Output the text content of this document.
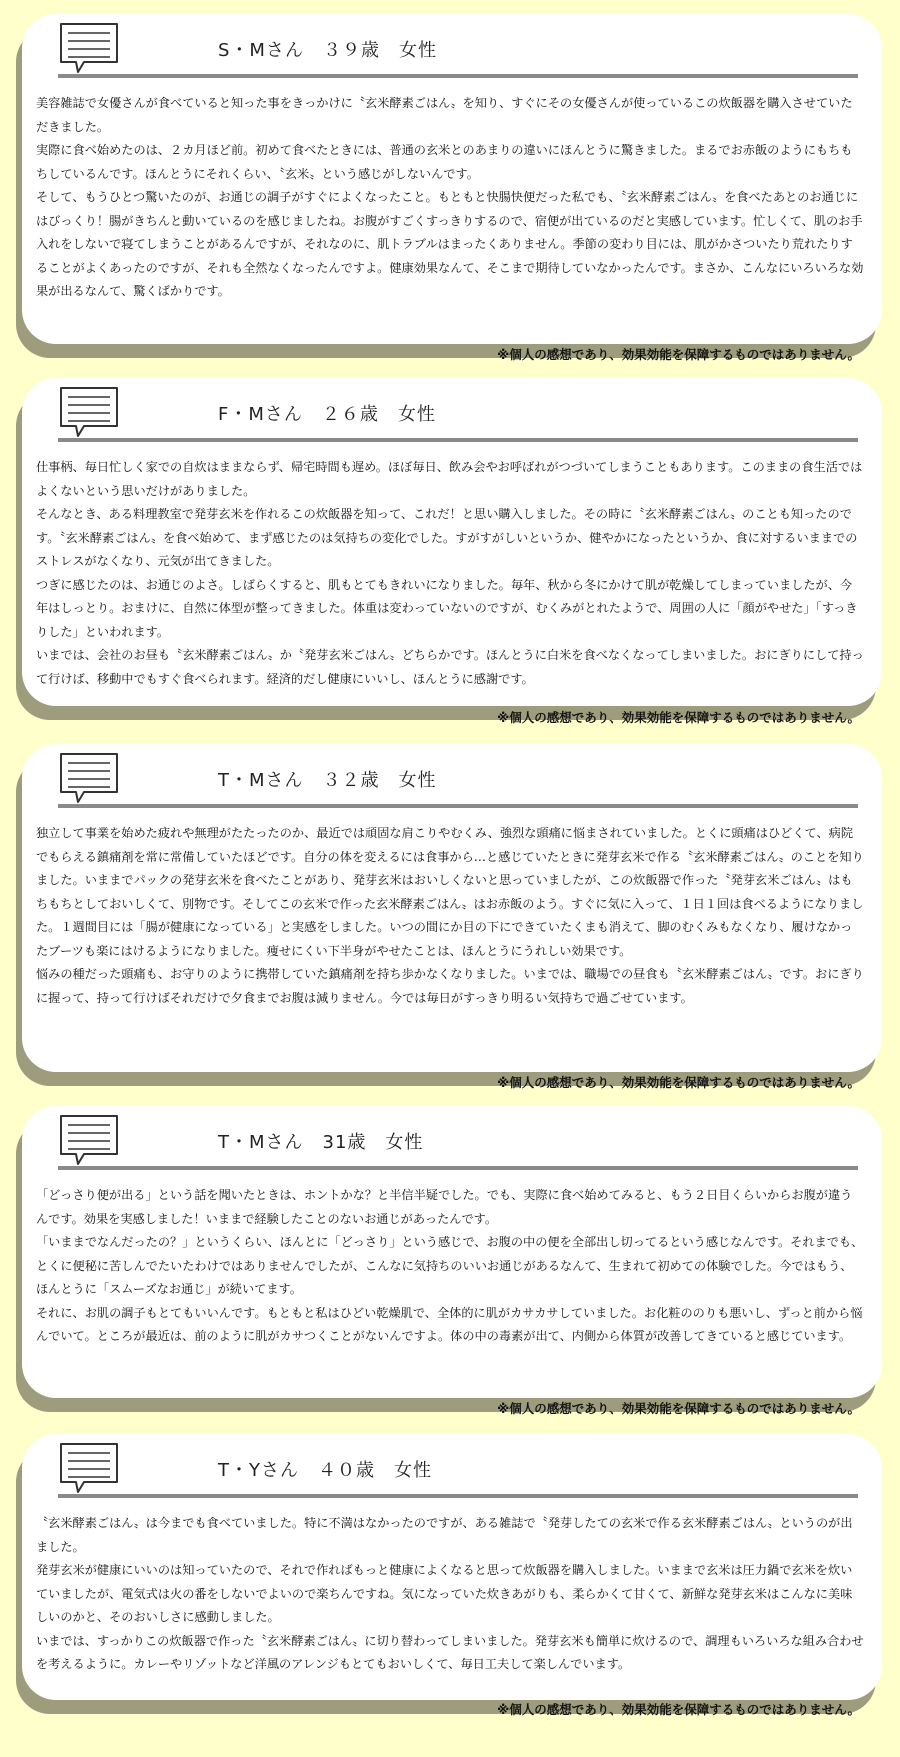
S・Mさん　３９歳　女性

美容雑誌で女優さんが食べていると知った事をきっかけに〝玄米酵素ごはん〟を知り、すぐにその女優さんが使っているこの炊飯器を購入させていただきました。

実際に食べ始めたのは、２カ月ほど前。初めて食べたときには、普通の玄米とのあまりの違いにほんとうに驚きました。まるでお赤飯のようにもちもちしているんです。ほんとうにそれくらい、〝玄米〟という感じがしないんです。

そして、もうひとつ驚いたのが、お通じの調子がすぐによくなったこと。もともと快腸快便だった私でも、〝玄米酵素ごはん〟を食べたあとのお通じにはびっくり！腸がきちんと動いているのを感じましたね。お腹がすごくすっきりするので、宿便が出ているのだと実感しています。忙しくて、肌のお手入れをしないで寝てしまうことがあるんですが、それなのに、肌トラブルはまったくありません。季節の変わり目には、肌がかさついたり荒れたりすることがよくあったのですが、それも全然なくなったんですよ。健康効果なんて、そこまで期待していなかったんです。まさか、こんなにいろいろな効果が出るなんて、驚くばかりです。

※個人の感想であり、効果効能を保障するものではありません。
F・Mさん　２６歳　女性

仕事柄、毎日忙しく家での自炊はままならず、帰宅時間も遅め。ほぼ毎日、飲み会やお呼ばれがつづいてしまうこともあります。このままの食生活ではよくないという思いだけがありました。

そんなとき、ある料理教室で発芽玄米を作れるこの炊飯器を知って、これだ！と思い購入しました。その時に〝玄米酵素ごはん〟のことも知ったのです。〝玄米酵素ごはん〟を食べ始めて、まず感じたのは気持ちの変化でした。すがすがしいというか、健やかになったというか、食に対するいままでのストレスがなくなり、元気が出てきました。

つぎに感じたのは、お通じのよさ。しばらくすると、肌もとてもきれいになりました。毎年、秋から冬にかけて肌が乾燥してしまっていましたが、今年はしっとり。おまけに、自然に体型が整ってきました。体重は変わっていないのですが、むくみがとれたようで、周囲の人に「顔がやせた」「すっきりした」といわれます。

いまでは、会社のお昼も〝玄米酵素ごはん〟か〝発芽玄米ごはん〟どちらかです。ほんとうに白米を食べなくなってしまいました。おにぎりにして持って行けば、移動中でもすぐ食べられます。経済的だし健康にいいし、ほんとうに感謝です。

※個人の感想であり、効果効能を保障するものではありません。
T・Mさん　３２歳　女性

独立して事業を始めた疲れや無理がたたったのか、最近では頑固な肩こりやむくみ、強烈な頭痛に悩まされていました。とくに頭痛はひどくて、病院でもらえる鎮痛剤を常に常備していたほどです。自分の体を変えるには食事から…と感じていたときに発芽玄米で作る〝玄米酵素ごはん〟のことを知りました。いままでパックの発芽玄米を食べたことがあり、発芽玄米はおいしくないと思っていましたが、この炊飯器で作った〝発芽玄米ごはん〟はもちもちとしておいしくて、別物です。そしてこの玄米で作った玄米酵素ごはん〟はお赤飯のよう。すぐに気に入って、１日１回は食べるようになりました。１週間目には「腸が健康になっている」と実感をしました。いつの間にか目の下にできていたくまも消えて、脚のむくみもなくなり、履けなかったブーツも楽にはけるようになりました。痩せにくい下半身がやせたことは、ほんとうにうれしい効果です。

悩みの種だった頭痛も、お守りのように携帯していた鎮痛剤を持ち歩かなくなりました。いまでは、職場での昼食も〝玄米酵素ごはん〟です。おにぎりに握って、持って行けばそれだけで夕食までお腹は減りません。今では毎日がすっきり明るい気持ちで過ごせています。

※個人の感想であり、効果効能を保障するものではありません。
T・Mさん　31歳　女性

「どっさり便が出る」という話を聞いたときは、ホントかな？と半信半疑でした。でも、実際に食べ始めてみると、もう２日目くらいからお腹が違うんです。効果を実感しました！いままで経験したことのないお通じがあったんです。

「いままでなんだったの？」というくらい、ほんとに「どっさり」という感じで、お腹の中の便を全部出し切ってるという感じなんです。それまでも、とくに便秘に苦しんでたいたわけではありませんでしたが、こんなに気持ちのいいお通じがあるなんて、生まれて初めての体験でした。今ではもう、ほんとうに「スムーズなお通じ」が続いてます。

それに、お肌の調子もとてもいいんです。もともと私はひどい乾燥肌で、全体的に肌がカサカサしていました。お化粧ののりも悪いし、ずっと前から悩んでいて。ところが最近は、前のように肌がカサつくことがないんですよ。体の中の毒素が出て、内側から体質が改善してきていると感じています。

※個人の感想であり、効果効能を保障するものではありません。
T・Yさん　４０歳　女性

〝玄米酵素ごはん〟は今までも食べていました。特に不満はなかったのですが、ある雑誌で〝発芽したての玄米で作る玄米酵素ごはん〟というのが出ました。

発芽玄米が健康にいいのは知っていたので、それで作ればもっと健康によくなると思って炊飯器を購入しました。いままで玄米は圧力鍋で玄米を炊いていましたが、電気式は火の番をしないでよいので楽ちんですね。気になっていた炊きあがりも、柔らかくて甘くて、新鮮な発芽玄米はこんなに美味しいのかと、そのおいしさに感動しました。

いまでは、すっかりこの炊飯器で作った〝玄米酵素ごはん〟に切り替わってしまいました。発芽玄米も簡単に炊けるので、調理もいろいろな組み合わせを考えるように。カレーやリゾットなど洋風のアレンジもとてもおいしくて、毎日工夫して楽しんでいます。

※個人の感想であり、効果効能を保障するものではありません。
